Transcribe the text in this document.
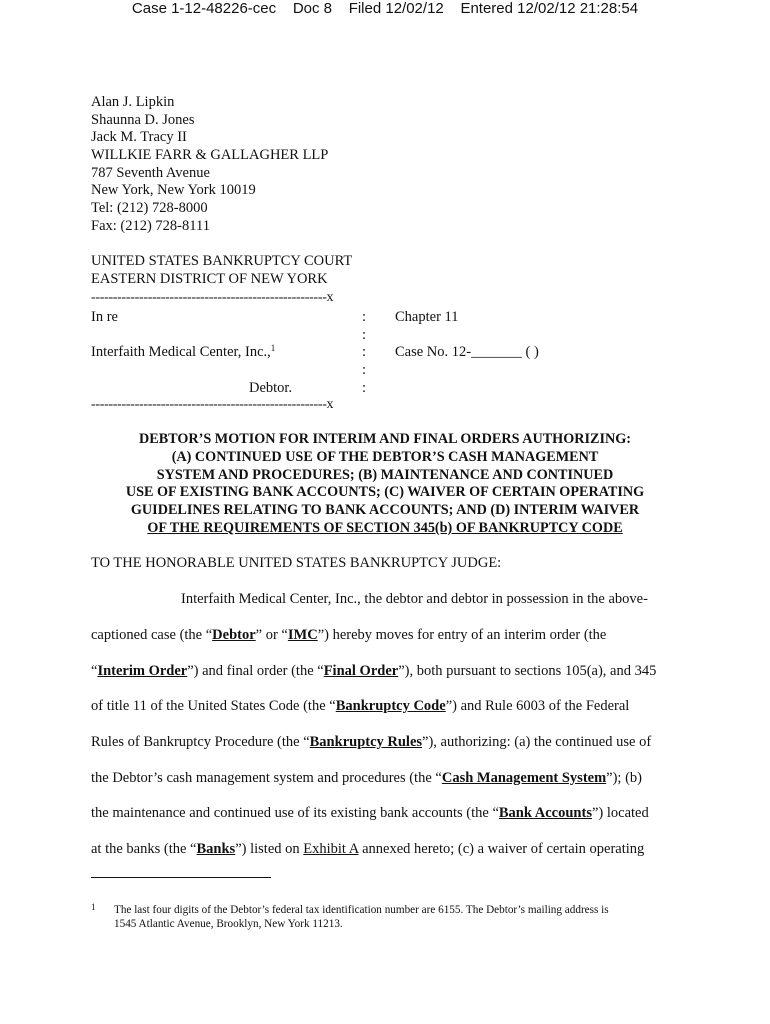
Case 1-12-48226-cec Doc 8 Filed 12/02/12 Entered 12/02/12 21:28:54
Alan J. Lipkin
Shaunna D. Jones
Jack M. Tracy II
WILLKIE FARR & GALLAGHER LLP
787 Seventh Avenue
New York, New York 10019
Tel: (212) 728-8000
Fax: (212) 728-8111
UNITED STATES BANKRUPTCY COURT
EASTERN DISTRICT OF NEW YORK
------------------------------------------------------x
In re	: Chapter 11
:
Interfaith Medical Center, Inc.,$^1$	: Case No. 12-_______ ( )
:
Debtor.	:
------------------------------------------------------x
DEBTOR’S MOTION FOR INTERIM AND FINAL ORDERS AUTHORIZING:
(A) CONTINUED USE OF THE DEBTOR’S CASH MANAGEMENT
SYSTEM AND PROCEDURES; (B) MAINTENANCE AND CONTINUED
USE OF EXISTING BANK ACCOUNTS; (C) WAIVER OF CERTAIN OPERATING
GUIDELINES RELATING TO BANK ACCOUNTS; AND (D) INTERIM WAIVER
OF THE REQUIREMENTS OF SECTION 345(b) OF BANKRUPTCY CODE
TO THE HONORABLE UNITED STATES BANKRUPTCY JUDGE:
Interfaith Medical Center, Inc., the debtor and debtor in possession in the above-
captioned case (the “Debtor” or “IMC”) hereby moves for entry of an interim order (the
“Interim Order”) and final order (the “Final Order”), both pursuant to sections 105(a), and 345
of title 11 of the United States Code (the “Bankruptcy Code”) and Rule 6003 of the Federal
Rules of Bankruptcy Procedure (the “Bankruptcy Rules”), authorizing: (a) the continued use of
the Debtor’s cash management system and procedures (the “Cash Management System”); (b)
the maintenance and continued use of its existing bank accounts (the “Bank Accounts”) located
at the banks (the “Banks”) listed on Exhibit A annexed hereto; (c) a waiver of certain operating
1 The last four digits of the Debtor’s federal tax identification number are 6155. The Debtor’s mailing address is
1545 Atlantic Avenue, Brooklyn, New York 11213.
